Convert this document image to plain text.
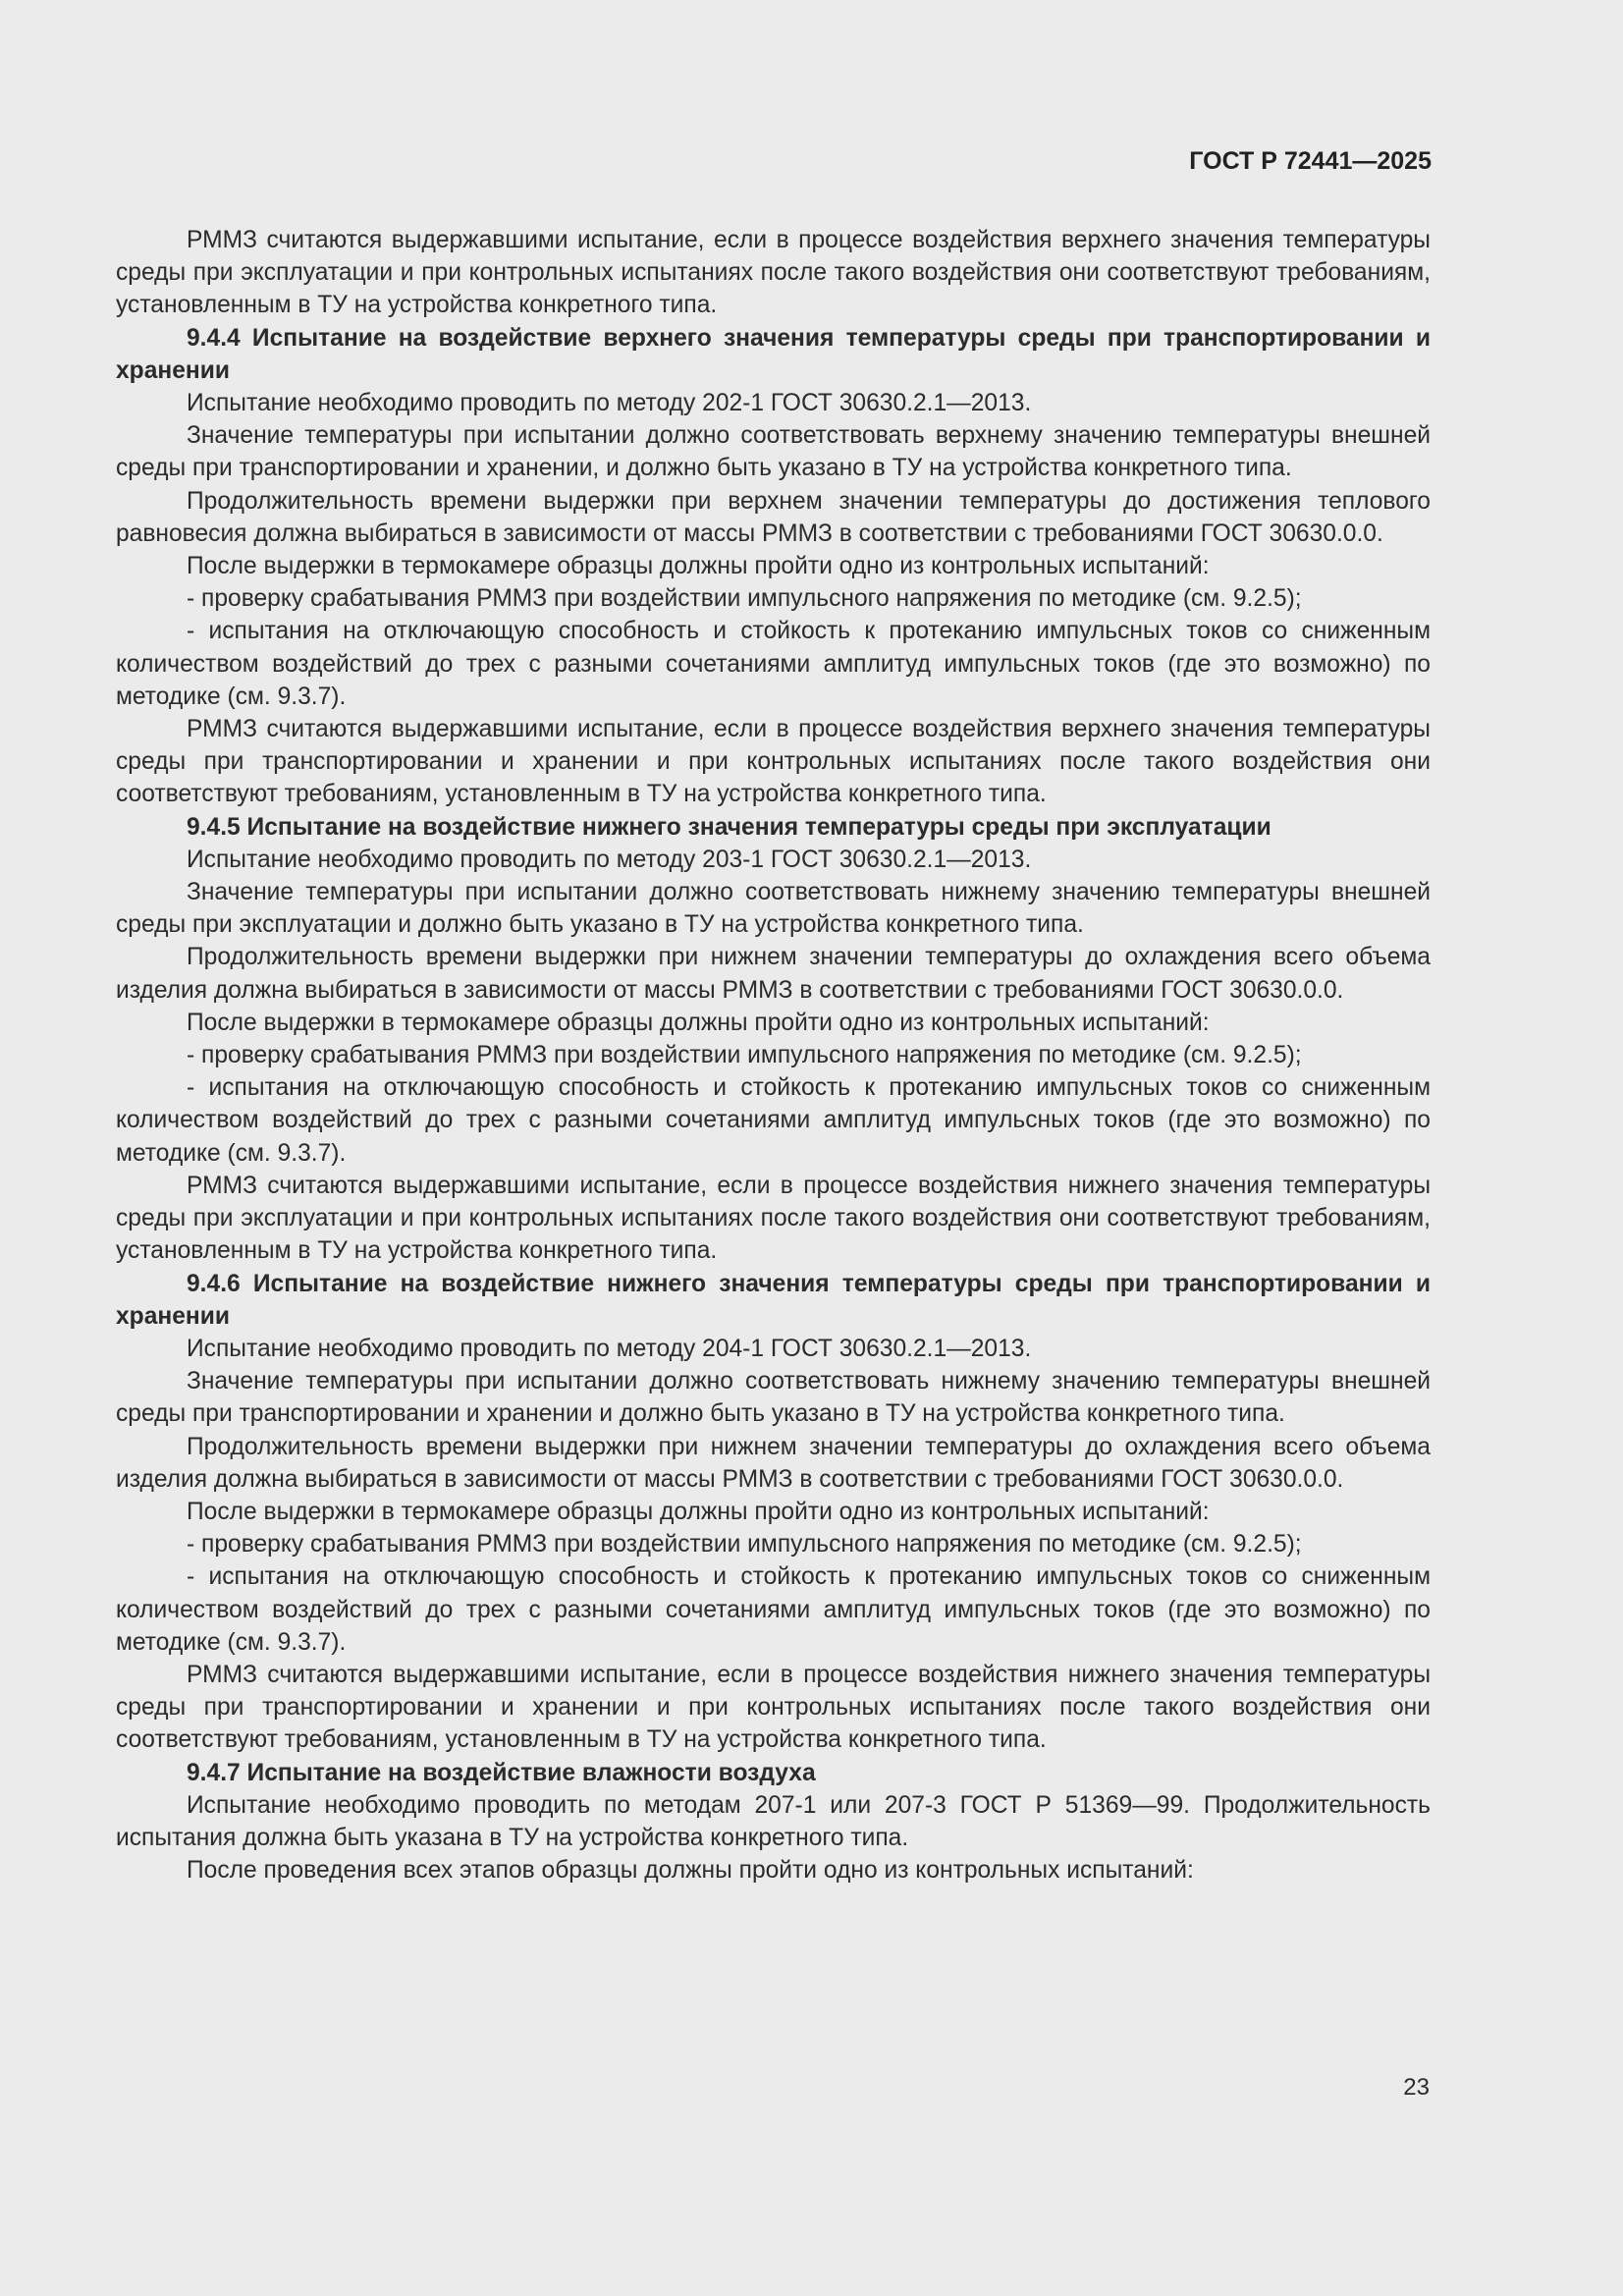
ГОСТ Р 72441—2025

РММЗ считаются выдержавшими испытание, если в процессе воздействия верхнего значения температуры среды при эксплуатации и при контрольных испытаниях после такого воздействия они соответствуют требованиям, установленным в ТУ на устройства конкретного типа.

9.4.4 Испытание на воздействие верхнего значения температуры среды при транспортировании и хранении

Испытание необходимо проводить по методу 202-1 ГОСТ 30630.2.1—2013.

Значение температуры при испытании должно соответствовать верхнему значению температуры внешней среды при транспортировании и хранении, и должно быть указано в ТУ на устройства конкретного типа.

Продолжительность времени выдержки при верхнем значении температуры до достижения теплового равновесия должна выбираться в зависимости от массы РММЗ в соответствии с требованиями ГОСТ 30630.0.0.

После выдержки в термокамере образцы должны пройти одно из контрольных испытаний:

- проверку срабатывания РММЗ при воздействии импульсного напряжения по методике (см. 9.2.5);

- испытания на отключающую способность и стойкость к протеканию импульсных токов со сниженным количеством воздействий до трех с разными сочетаниями амплитуд импульсных токов (где это возможно) по методике (см. 9.3.7).

РММЗ считаются выдержавшими испытание, если в процессе воздействия верхнего значения температуры среды при транспортировании и хранении и при контрольных испытаниях после такого воздействия они соответствуют требованиям, установленным в ТУ на устройства конкретного типа.

9.4.5 Испытание на воздействие нижнего значения температуры среды при эксплуатации

Испытание необходимо проводить по методу 203-1 ГОСТ 30630.2.1—2013.

Значение температуры при испытании должно соответствовать нижнему значению температуры внешней среды при эксплуатации и должно быть указано в ТУ на устройства конкретного типа.

Продолжительность времени выдержки при нижнем значении температуры до охлаждения всего объема изделия должна выбираться в зависимости от массы РММЗ в соответствии с требованиями ГОСТ 30630.0.0.

После выдержки в термокамере образцы должны пройти одно из контрольных испытаний:

- проверку срабатывания РММЗ при воздействии импульсного напряжения по методике (см. 9.2.5);

- испытания на отключающую способность и стойкость к протеканию импульсных токов со сниженным количеством воздействий до трех с разными сочетаниями амплитуд импульсных токов (где это возможно) по методике (см. 9.3.7).

РММЗ считаются выдержавшими испытание, если в процессе воздействия нижнего значения температуры среды при эксплуатации и при контрольных испытаниях после такого воздействия они соответствуют требованиям, установленным в ТУ на устройства конкретного типа.

9.4.6 Испытание на воздействие нижнего значения температуры среды при транспортировании и хранении

Испытание необходимо проводить по методу 204-1 ГОСТ 30630.2.1—2013.

Значение температуры при испытании должно соответствовать нижнему значению температуры внешней среды при транспортировании и хранении и должно быть указано в ТУ на устройства конкретного типа.

Продолжительность времени выдержки при нижнем значении температуры до охлаждения всего объема изделия должна выбираться в зависимости от массы РММЗ в соответствии с требованиями ГОСТ 30630.0.0.

После выдержки в термокамере образцы должны пройти одно из контрольных испытаний:

- проверку срабатывания РММЗ при воздействии импульсного напряжения по методике (см. 9.2.5);

- испытания на отключающую способность и стойкость к протеканию импульсных токов со сниженным количеством воздействий до трех с разными сочетаниями амплитуд импульсных токов (где это возможно) по методике (см. 9.3.7).

РММЗ считаются выдержавшими испытание, если в процессе воздействия нижнего значения температуры среды при транспортировании и хранении и при контрольных испытаниях после такого воздействия они соответствуют требованиям, установленным в ТУ на устройства конкретного типа.

9.4.7 Испытание на воздействие влажности воздуха

Испытание необходимо проводить по методам 207-1 или 207-3 ГОСТ Р 51369—99. Продолжительность испытания должна быть указана в ТУ на устройства конкретного типа.

После проведения всех этапов образцы должны пройти одно из контрольных испытаний:

23
